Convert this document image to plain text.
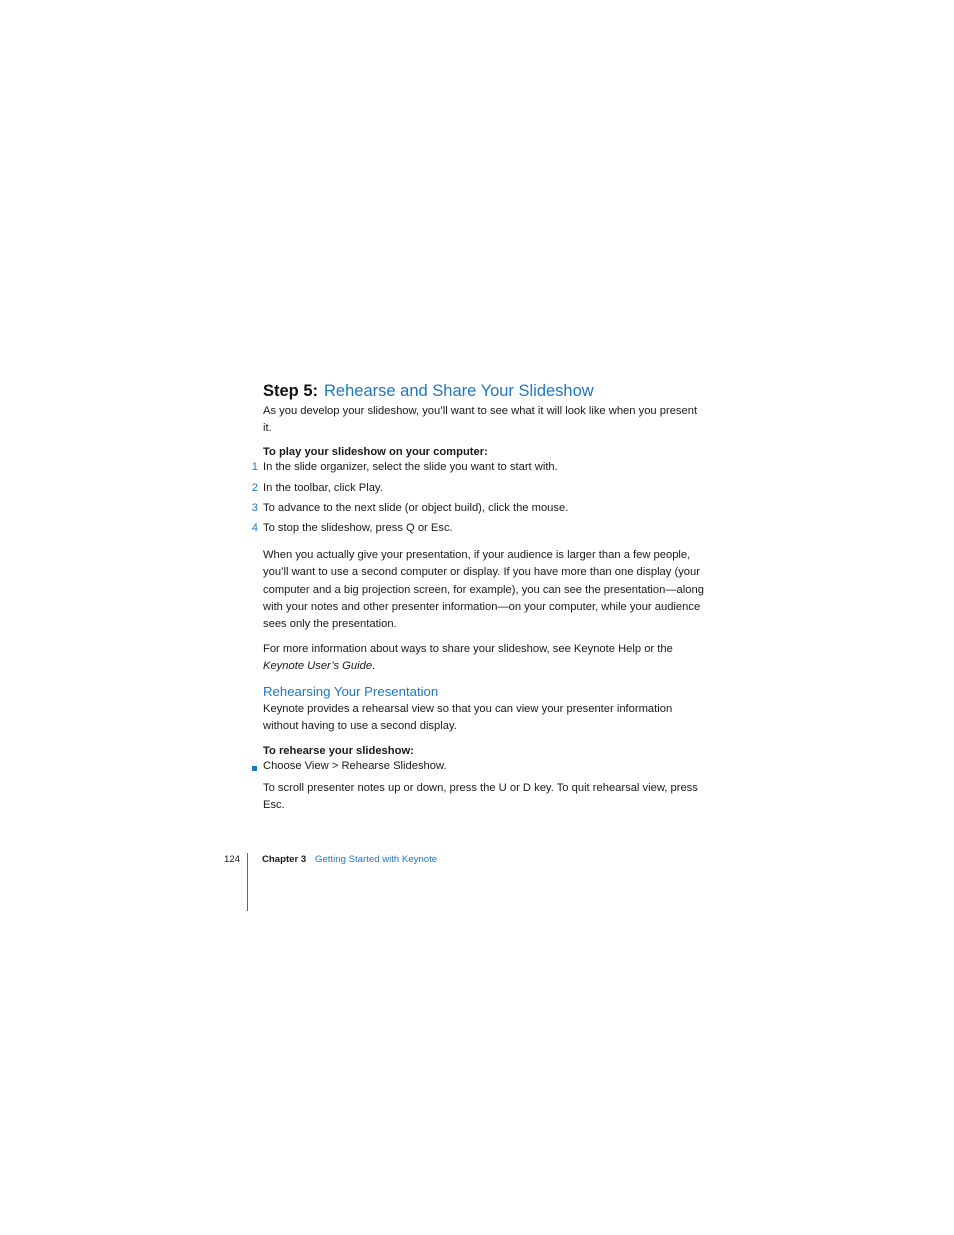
Step 5: Rehearse and Share Your Slideshow
As you develop your slideshow, you’ll want to see what it will look like when you present it.
To play your slideshow on your computer:
1 In the slide organizer, select the slide you want to start with.
2 In the toolbar, click Play.
3 To advance to the next slide (or object build), click the mouse.
4 To stop the slideshow, press Q or Esc.
When you actually give your presentation, if your audience is larger than a few people, you’ll want to use a second computer or display. If you have more than one display (your computer and a big projection screen, for example), you can see the presentation—along with your notes and other presenter information—on your computer, while your audience sees only the presentation.
For more information about ways to share your slideshow, see Keynote Help or the Keynote User’s Guide.
Rehearsing Your Presentation
Keynote provides a rehearsal view so that you can view your presenter information without having to use a second display.
To rehearse your slideshow:
Choose View > Rehearse Slideshow.
To scroll presenter notes up or down, press the U or D key. To quit rehearsal view, press Esc.
124 Chapter 3 Getting Started with Keynote
